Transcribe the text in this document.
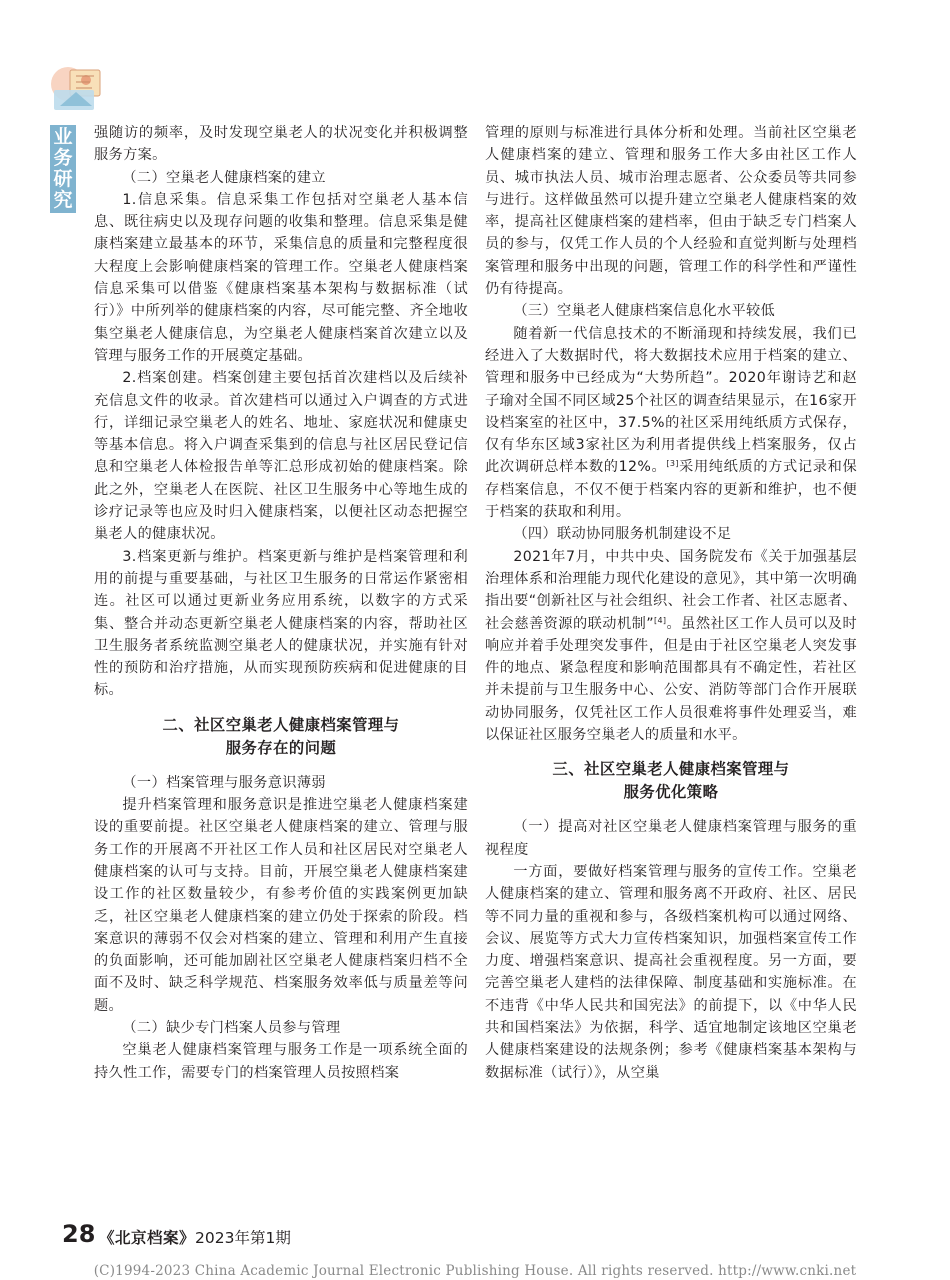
业
务
研
究

强随访的频率，及时发现空巢老人的状况变化并积极调整服务方案。

（二）空巢老人健康档案的建立

1.信息采集。信息采集工作包括对空巢老人基本信息、既往病史以及现存问题的收集和整理。信息采集是健康档案建立最基本的环节，采集信息的质量和完整程度很大程度上会影响健康档案的管理工作。空巢老人健康档案信息采集可以借鉴《健康档案基本架构与数据标准（试行）》中所列举的健康档案的内容，尽可能完整、齐全地收集空巢老人健康信息，为空巢老人健康档案首次建立以及管理与服务工作的开展奠定基础。

2.档案创建。档案创建主要包括首次建档以及后续补充信息文件的收录。首次建档可以通过入户调查的方式进行，详细记录空巢老人的姓名、地址、家庭状况和健康史等基本信息。将入户调查采集到的信息与社区居民登记信息和空巢老人体检报告单等汇总形成初始的健康档案。除此之外，空巢老人在医院、社区卫生服务中心等地生成的诊疗记录等也应及时归入健康档案，以便社区动态把握空巢老人的健康状况。

3.档案更新与维护。档案更新与维护是档案管理和利用的前提与重要基础，与社区卫生服务的日常运作紧密相连。社区可以通过更新业务应用系统，以数字的方式采集、整合并动态更新空巢老人健康档案的内容，帮助社区卫生服务者系统监测空巢老人的健康状况，并实施有针对性的预防和治疗措施，从而实现预防疾病和促进健康的目标。

二、社区空巢老人健康档案管理与
服务存在的问题

（一）档案管理与服务意识薄弱

提升档案管理和服务意识是推进空巢老人健康档案建设的重要前提。社区空巢老人健康档案的建立、管理与服务工作的开展离不开社区工作人员和社区居民对空巢老人健康档案的认可与支持。目前，开展空巢老人健康档案建设工作的社区数量较少，有参考价值的实践案例更加缺乏，社区空巢老人健康档案的建立仍处于探索的阶段。档案意识的薄弱不仅会对档案的建立、管理和利用产生直接的负面影响，还可能加剧社区空巢老人健康档案归档不全面不及时、缺乏科学规范、档案服务效率低与质量差等问题。

（二）缺少专门档案人员参与管理

空巢老人健康档案管理与服务工作是一项系统全面的持久性工作，需要专门的档案管理人员按照档案

管理的原则与标准进行具体分析和处理。当前社区空巢老人健康档案的建立、管理和服务工作大多由社区工作人员、城市执法人员、城市治理志愿者、公众委员等共同参与进行。这样做虽然可以提升建立空巢老人健康档案的效率，提高社区健康档案的建档率，但由于缺乏专门档案人员的参与，仅凭工作人员的个人经验和直觉判断与处理档案管理和服务中出现的问题，管理工作的科学性和严谨性仍有待提高。

（三）空巢老人健康档案信息化水平较低

随着新一代信息技术的不断涌现和持续发展，我们已经进入了大数据时代，将大数据技术应用于档案的建立、管理和服务中已经成为“大势所趋”。2020年谢诗艺和赵子瑜对全国不同区域25个社区的调查结果显示，在16家开设档案室的社区中，37.5%的社区采用纯纸质方式保存，仅有华东区域3家社区为利用者提供线上档案服务，仅占此次调研总样本数的12%。[3]采用纯纸质的方式记录和保存档案信息，不仅不便于档案内容的更新和维护，也不便于档案的获取和利用。

（四）联动协同服务机制建设不足

2021年7月，中共中央、国务院发布《关于加强基层治理体系和治理能力现代化建设的意见》，其中第一次明确指出要“创新社区与社会组织、社会工作者、社区志愿者、社会慈善资源的联动机制”[4]。虽然社区工作人员可以及时响应并着手处理突发事件，但是由于社区空巢老人突发事件的地点、紧急程度和影响范围都具有不确定性，若社区并未提前与卫生服务中心、公安、消防等部门合作开展联动协同服务，仅凭社区工作人员很难将事件处理妥当，难以保证社区服务空巢老人的质量和水平。

三、社区空巢老人健康档案管理与
服务优化策略

（一）提高对社区空巢老人健康档案管理与服务的重视程度

一方面，要做好档案管理与服务的宣传工作。空巢老人健康档案的建立、管理和服务离不开政府、社区、居民等不同力量的重视和参与，各级档案机构可以通过网络、会议、展览等方式大力宣传档案知识，加强档案宣传工作力度、增强档案意识、提高社会重视程度。另一方面，要完善空巢老人建档的法律保障、制度基础和实施标准。在不违背《中华人民共和国宪法》的前提下，以《中华人民共和国档案法》为依据，科学、适宜地制定该地区空巢老人健康档案建设的法规条例；参考《健康档案基本架构与数据标准（试行）》，从空巢

28 《北京档案》2023年第1期
(C)1994-2023 China Academic Journal Electronic Publishing House. All rights reserved. http://www.cnki.net
